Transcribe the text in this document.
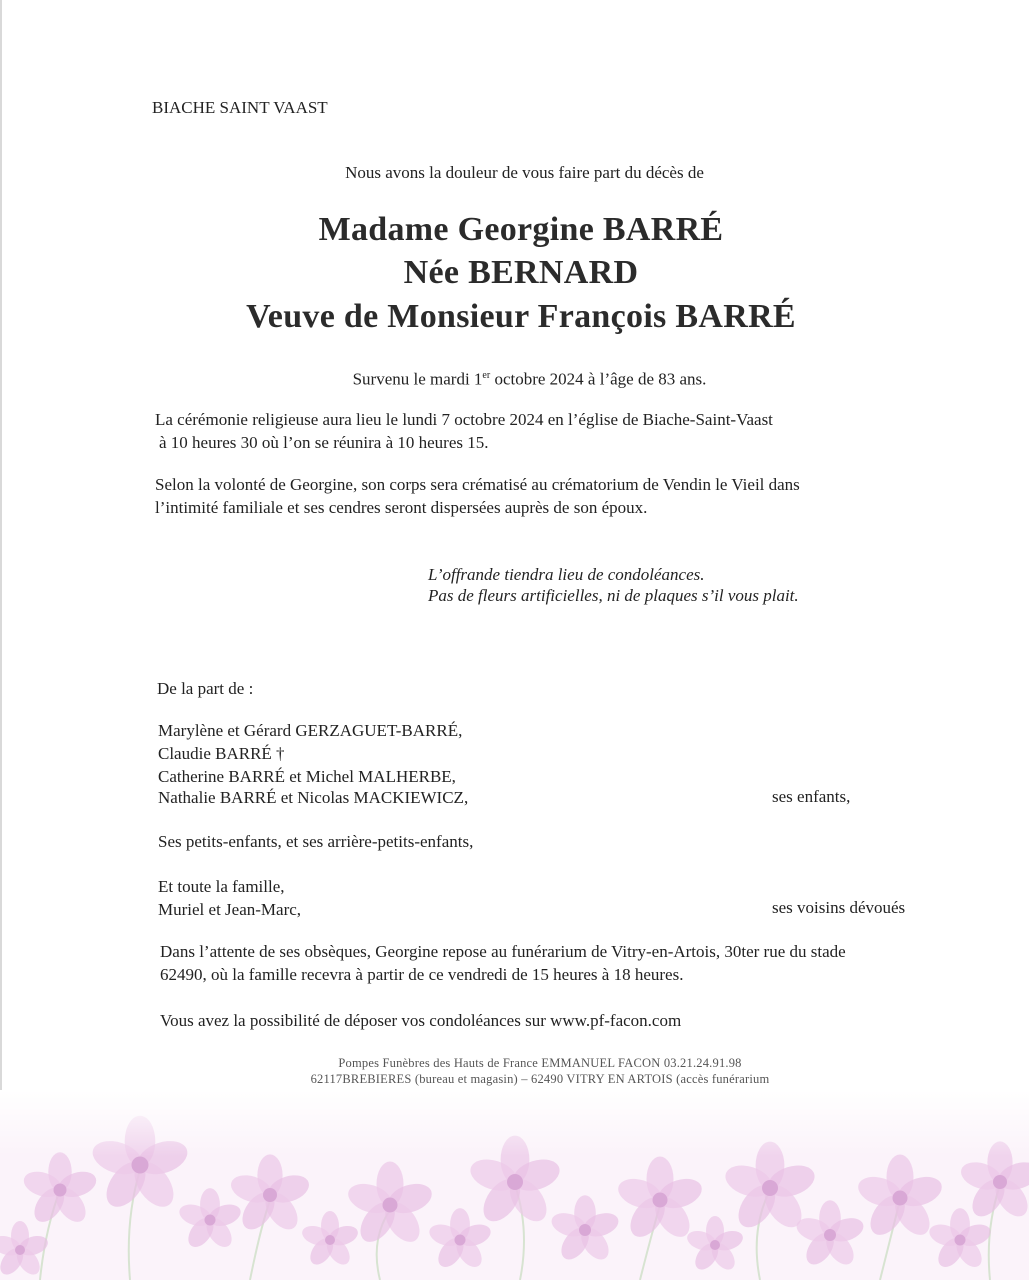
BIACHE SAINT VAAST
Nous avons la douleur de vous faire part du décès de
Madame Georgine BARRÉ
Née BERNARD
Veuve de Monsieur François BARRÉ
Survenu le mardi 1er octobre 2024 à l’âge de 83 ans.
La cérémonie religieuse aura lieu le lundi 7 octobre 2024 en l’église de Biache-Saint-Vaast
à 10 heures 30 où l’on se réunira à 10 heures 15.
Selon la volonté de Georgine, son corps sera crématisé au crématorium de Vendin le Vieil dans
l’intimité familiale et ses cendres seront dispersées auprès de son époux.
L’offrande tiendra lieu de condoléances.
Pas de fleurs artificielles, ni de plaques s’il vous plait.
De la part de :
Marylène et Gérard GERZAGUET-BARRÉ,
Claudie BARRÉ †
Catherine BARRÉ et Michel MALHERBE,
Nathalie BARRÉ et Nicolas MACKIEWICZ,	ses enfants,
Ses petits-enfants, et ses arrière-petits-enfants,
Et toute la famille,
Muriel et Jean-Marc,	ses voisins dévoués
Dans l’attente de ses obsèques, Georgine repose au funérarium de Vitry-en-Artois, 30ter rue du stade
62490, où la famille recevra à partir de ce vendredi de 15 heures à 18 heures.
Vous avez la possibilité de déposer vos condoléances sur www.pf-facon.com
Pompes Funèbres des Hauts de France EMMANUEL FACON 03.21.24.91.98
62117BREBIERES (bureau et magasin) – 62490 VITRY EN ARTOIS (accès funérarium
